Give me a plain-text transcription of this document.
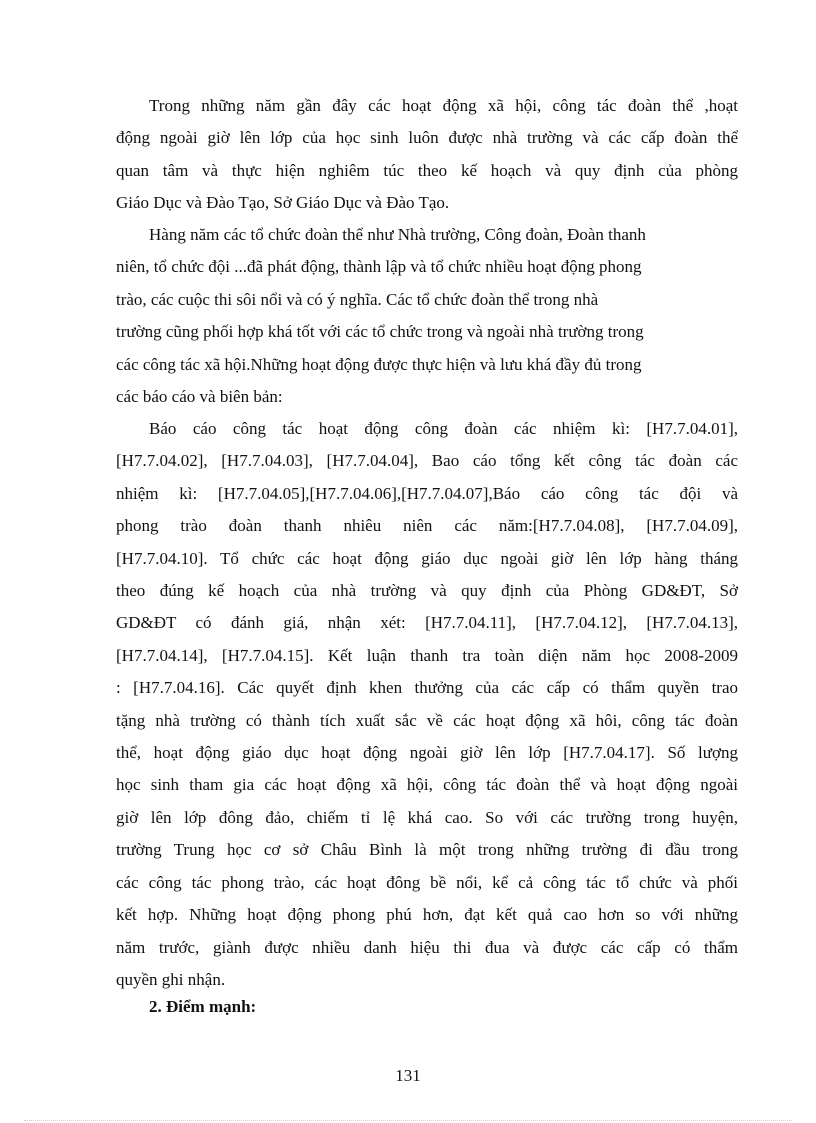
Trong những năm gần đây các hoạt động xã hội, công tác đoàn thể ,hoạt
động ngoài giờ lên lớp của học sinh luôn được nhà trường và các cấp đoàn thể
quan tâm và thực hiện nghiêm túc theo kế hoạch và quy định của phòng
Giáo Dục và Đào Tạo, Sở Giáo Dục và Đào Tạo.

Hàng năm các tổ chức đoàn thể như Nhà trường, Công đoàn, Đoàn thanh
niên, tổ chức đội ...đã phát động, thành lập và tổ chức nhiều hoạt động phong
trào, các cuộc thi sôi nổi và có ý nghĩa. Các tổ chức đoàn thể trong nhà
trường cũng phối hợp khá tốt với các tổ chức trong và ngoài nhà trường trong
các công tác xã hội.Những hoạt động được thực hiện và lưu khá đầy đủ trong
các báo cáo và biên bản:

Báo cáo công tác hoạt động công đoàn các nhiệm kì: [H7.7.04.01],
[H7.7.04.02], [H7.7.04.03], [H7.7.04.04], Bao cáo tổng kết công tác đoàn các
nhiệm kì: [H7.7.04.05],[H7.7.04.06],[H7.7.04.07],Báo cáo công tác đội và
phong trào đoàn thanh nhiêu niên các năm:[H7.7.04.08], [H7.7.04.09],
[H7.7.04.10]. Tổ chức các hoạt động giáo dục ngoài giờ lên lớp hàng tháng
theo đúng kế hoạch của nhà trường và quy định của Phòng GD&ĐT, Sở
GD&ĐT có đánh giá, nhận xét: [H7.7.04.11], [H7.7.04.12], [H7.7.04.13],
[H7.7.04.14], [H7.7.04.15]. Kết luận thanh tra toàn diện năm học 2008-2009
: [H7.7.04.16]. Các quyết định khen thưởng của các cấp có thẩm quyền trao
tặng nhà trường có thành tích xuất sắc về các hoạt động xã hôi, công tác đoàn
thể, hoạt động giáo dục hoạt động ngoài giờ lên lớp [H7.7.04.17]. Số lượng
học sinh tham gia các hoạt động xã hội, công tác đoàn thể và hoạt động ngoài
giờ lên lớp đông đảo, chiếm tỉ lệ khá cao. So với các trường trong huyện,
trường Trung học cơ sở Châu Bình là một trong những trường đi đầu trong
các công tác phong trào, các hoạt đông bề nổi, kể cả công tác tổ chức và phối
kết hợp. Những hoạt động phong phú hơn, đạt kết quả cao hơn so với những
năm trước, giành được nhiều danh hiệu thi đua và được các cấp có thẩm
quyền ghi nhận.

2. Điểm mạnh:
131
